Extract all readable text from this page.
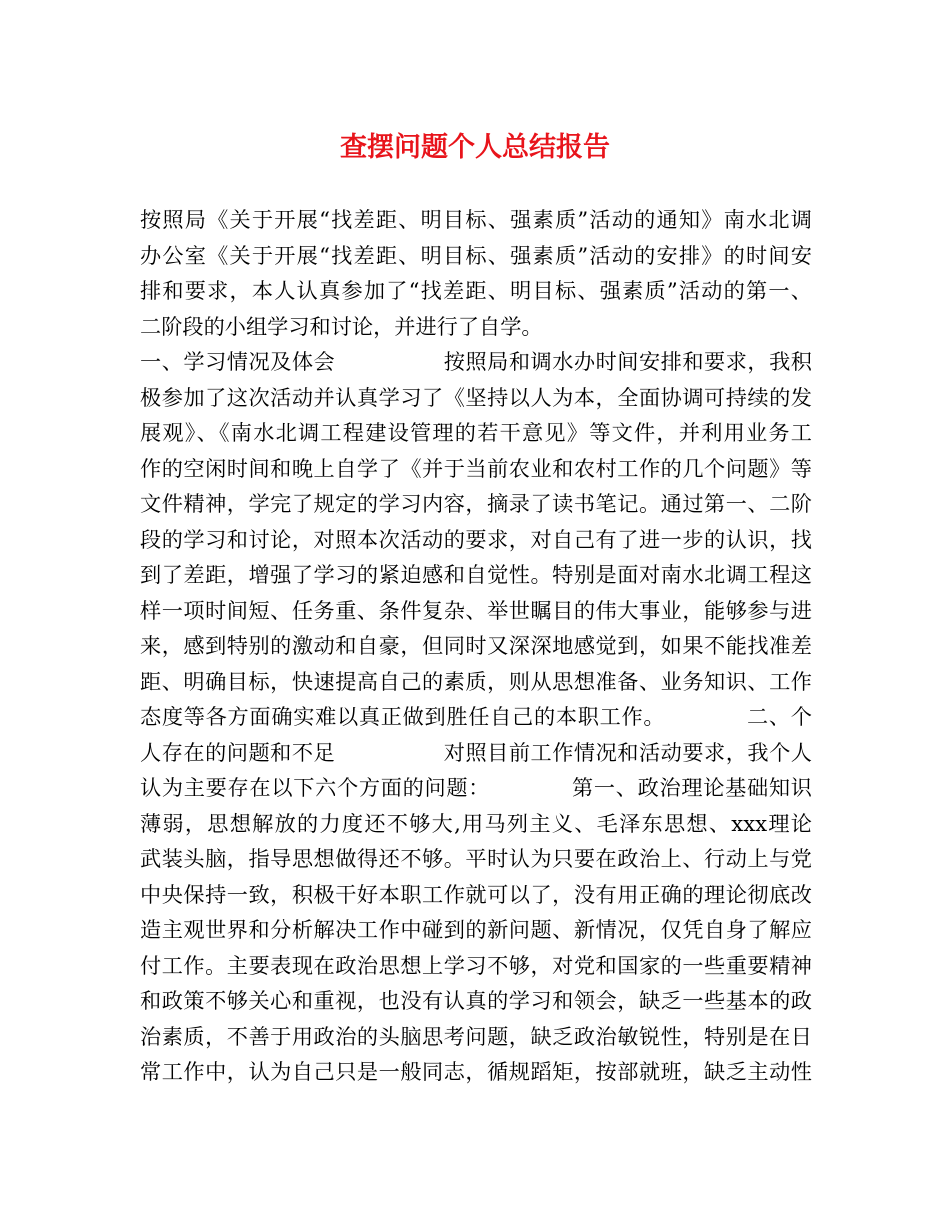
查摆问题个人总结报告
按照局《关于开展“找差距、明目标、强素质”活动的通知》南水北调
办公室《关于开展“找差距、明目标、强素质”活动的安排》的时间安
排和要求，本人认真参加了“找差距、明目标、强素质”活动的第一、
二阶段的小组学习和讨论，并进行了自学。
一、学习情况及体会               按照局和调水办时间安排和要求，我积
极参加了这次活动并认真学习了《坚持以人为本，全面协调可持续的发
展观》、《南水北调工程建设管理的若干意见》等文件，并利用业务工
作的空闲时间和晚上自学了《并于当前农业和农村工作的几个问题》等
文件精神，学完了规定的学习内容，摘录了读书笔记。通过第一、二阶
段的学习和讨论，对照本次活动的要求，对自己有了进一步的认识，找
到了差距，增强了学习的紧迫感和自觉性。特别是面对南水北调工程这
样一项时间短、任务重、条件复杂、举世瞩目的伟大事业，能够参与进
来，感到特别的激动和自豪，但同时又深深地感觉到，如果不能找准差
距、明确目标，快速提高自己的素质，则从思想准备、业务知识、工作
态度等各方面确实难以真正做到胜任自己的本职工作。           二、个
人存在的问题和不足               对照目前工作情况和活动要求，我个人
认为主要存在以下六个方面的问题：           第一、政治理论基础知识
薄弱，思想解放的力度还不够大,用马列主义、毛泽东思想、xxx理论
武装头脑，指导思想做得还不够。平时认为只要在政治上、行动上与党
中央保持一致，积极干好本职工作就可以了，没有用正确的理论彻底改
造主观世界和分析解决工作中碰到的新问题、新情况，仅凭自身了解应
付工作。主要表现在政治思想上学习不够，对党和国家的一些重要精神
和政策不够关心和重视，也没有认真的学习和领会，缺乏一些基本的政
治素质，不善于用政治的头脑思考问题，缺乏政治敏锐性，特别是在日
常工作中，认为自己只是一般同志，循规蹈矩，按部就班，缺乏主动性
